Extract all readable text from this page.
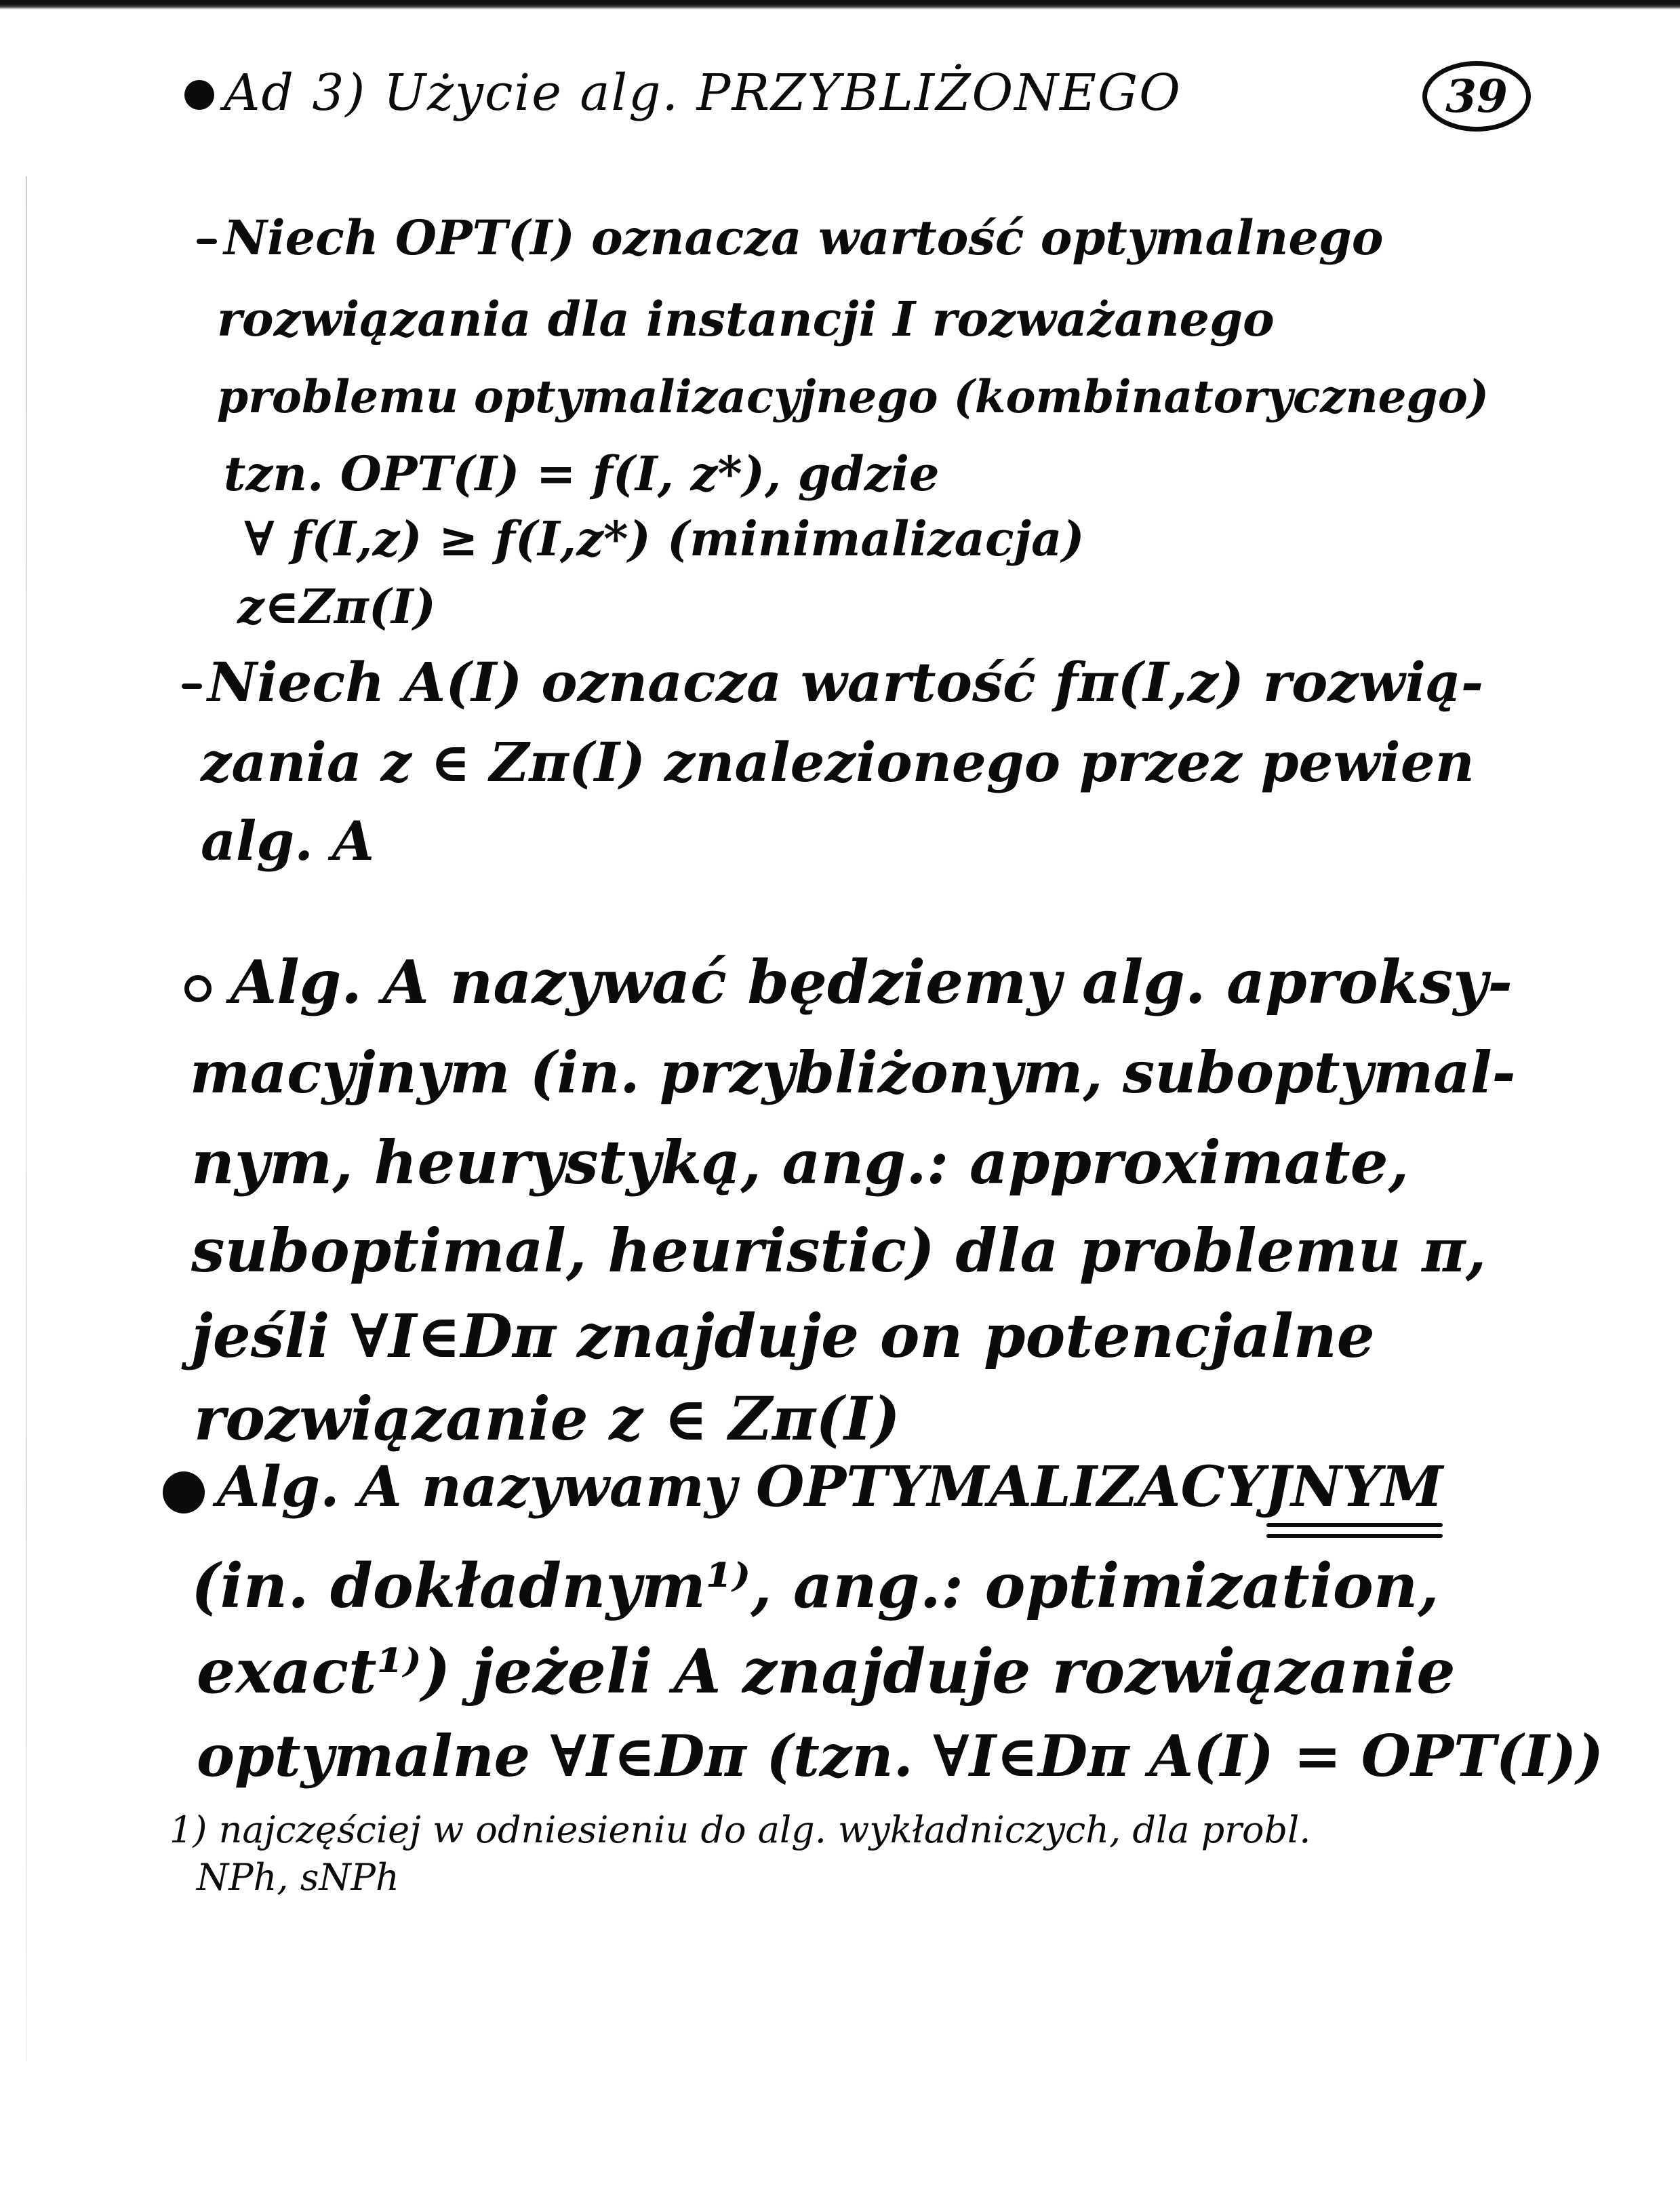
Ad 3) Użycie alg. PRZYBLIŻONEGO	39
Niech OPT(I) oznacza wartość optymalnego
rozwiązania dla instancji I rozważanego
problemu optymalizacyjnego (kombinatorycznego)
tzn. OPT(I) = f(I, z*), gdzie
∀ f(I,z) ≥ f(I,z*) (minimalizacja)
z∈Zπ(I)
Niech A(I) oznacza wartość fπ(I,z) rozwią-
zania z ∈ Zπ(I) znalezionego przez pewien
alg. A
Alg. A nazywać będziemy alg. aproksy-
macyjnym (in. przybliżonym, suboptymal-
nym, heurystyką, ang.: approximate,
suboptimal, heuristic) dla problemu π,
jeśli ∀I∈Dπ znajduje on potencjalne
rozwiązanie z ∈ Zπ(I)
Alg. A nazywamy OPTYMALIZACYJNYM
(in. dokładnym¹⁾, ang.: optimization,
exact¹⁾) jeżeli A znajduje rozwiązanie
optymalne ∀I∈Dπ (tzn. ∀I∈Dπ A(I) = OPT(I))
1) najczęściej w odniesieniu do alg. wykładniczych, dla probl.
NPh, sNPh
